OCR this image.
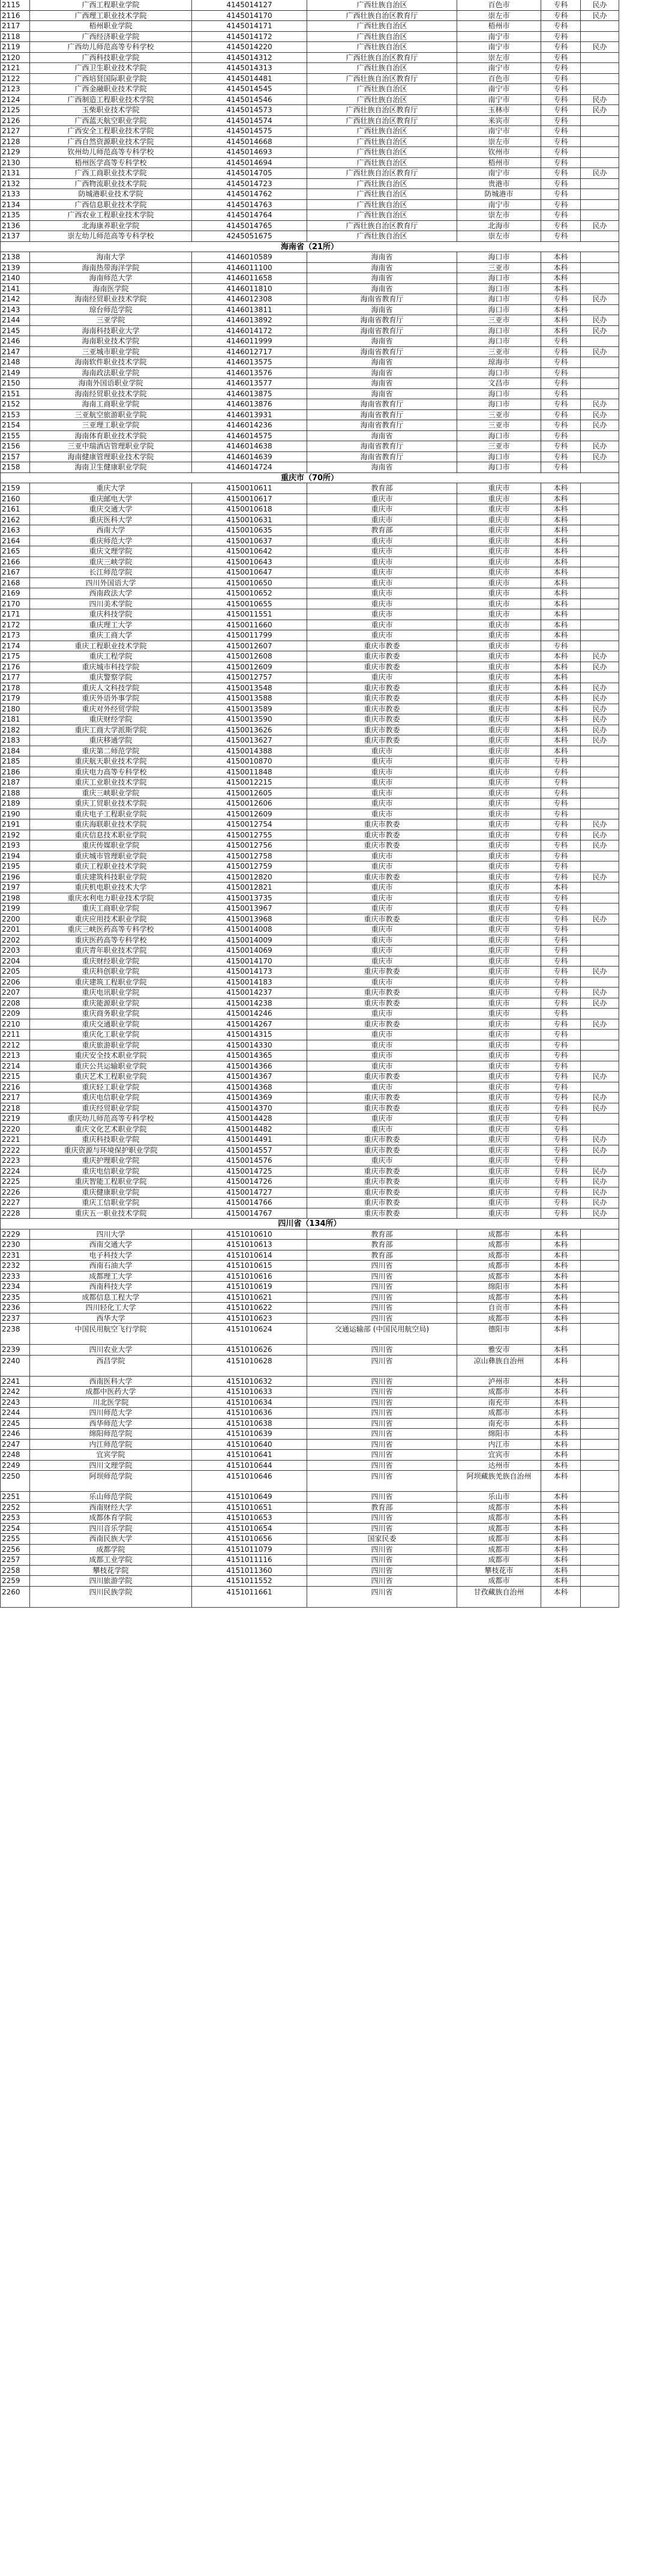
2115	广西工程职业学院	4145014127	广西壮族自治区	百色市	专科	民办
2116	广西理工职业技术学院	4145014170	广西壮族自治区教育厅	崇左市	专科	民办
2117	梧州职业学院	4145014171	广西壮族自治区	梧州市	专科
2118	广西经济职业学院	4145014172	广西壮族自治区	南宁市	专科
2119	广西幼儿师范高等专科学校	4145014220	广西壮族自治区	南宁市	专科	民办
2120	广西科技职业学院	4145014312	广西壮族自治区教育厅	崇左市	专科
2121	广西卫生职业技术学院	4145014313	广西壮族自治区	南宁市	专科
2122	广西培贤国际职业学院	4145014481	广西壮族自治区教育厅	百色市	专科
2123	广西金融职业技术学院	4145014545	广西壮族自治区	南宁市	专科
2124	广西制造工程职业技术学院	4145014546	广西壮族自治区	南宁市	专科	民办
2125	玉柴职业技术学院	4145014573	广西壮族自治区教育厅	玉林市	专科	民办
2126	广西蓝天航空职业学院	4145014574	广西壮族自治区教育厅	来宾市	专科
2127	广西安全工程职业技术学院	4145014575	广西壮族自治区	南宁市	专科
2128	广西自然资源职业技术学院	4145014668	广西壮族自治区	崇左市	专科
2129	钦州幼儿师范高等专科学校	4145014693	广西壮族自治区	钦州市	专科
2130	梧州医学高等专科学校	4145014694	广西壮族自治区	梧州市	专科
2131	广西工商职业技术学院	4145014705	广西壮族自治区教育厅	南宁市	专科	民办
2132	广西物流职业技术学院	4145014723	广西壮族自治区	贵港市	专科
2133	防城港职业技术学院	4145014762	广西壮族自治区	防城港市	专科
2134	广西信息职业技术学院	4145014763	广西壮族自治区	南宁市	专科
2135	广西农业工程职业技术学院	4145014764	广西壮族自治区	崇左市	专科
2136	北海康养职业学院	4145014765	广西壮族自治区教育厅	北海市	专科	民办
2137	崇左幼儿师范高等专科学校	4245051675	广西壮族自治区	崇左市	专科
海南省（21所）
2138	海南大学	4146010589	海南省	海口市	本科
2139	海南热带海洋学院	4146011100	海南省	三亚市	本科
2140	海南师范大学	4146011658	海南省	海口市	本科
2141	海南医学院	4146011810	海南省	海口市	本科
2142	海南经贸职业技术学院	4146012308	海南省教育厅	海口市	专科	民办
2143	琼台师范学院	4146013811	海南省	海口市	本科
2144	三亚学院	4146013892	海南省教育厅	三亚市	本科	民办
2145	海南科技职业大学	4146014172	海南省教育厅	海口市	本科	民办
2146	海南职业技术学院	4146011999	海南省	海口市	专科
2147	三亚城市职业学院	4146012717	海南省教育厅	三亚市	专科	民办
2148	海南软件职业技术学院	4146013575	海南省	琼海市	专科
2149	海南政法职业学院	4146013576	海南省	海口市	专科
2150	海南外国语职业学院	4146013577	海南省	文昌市	专科
2151	海南经贸职业技术学院	4146013875	海南省	海口市	专科
2152	海南工商职业学院	4146013876	海南省教育厅	海口市	专科	民办
2153	三亚航空旅游职业学院	4146013931	海南省教育厅	三亚市	专科	民办
2154	三亚理工职业学院	4146014236	海南省教育厅	三亚市	专科	民办
2155	海南体育职业技术学院	4146014575	海南省	海口市	专科
2156	三亚中瑞酒店管理职业学院	4146014638	海南省教育厅	三亚市	专科	民办
2157	海南健康管理职业技术学院	4146014639	海南省教育厅	海口市	专科	民办
2158	海南卫生健康职业学院	4146014724	海南省	海口市	专科
重庆市（70所）
2159	重庆大学	4150010611	教育部	重庆市	本科
2160	重庆邮电大学	4150010617	重庆市	重庆市	本科
2161	重庆交通大学	4150010618	重庆市	重庆市	本科
2162	重庆医科大学	4150010631	重庆市	重庆市	本科
2163	西南大学	4150010635	教育部	重庆市	本科
2164	重庆师范大学	4150010637	重庆市	重庆市	本科
2165	重庆文理学院	4150010642	重庆市	重庆市	本科
2166	重庆三峡学院	4150010643	重庆市	重庆市	本科
2167	长江师范学院	4150010647	重庆市	重庆市	本科
2168	四川外国语大学	4150010650	重庆市	重庆市	本科
2169	西南政法大学	4150010652	重庆市	重庆市	本科
2170	四川美术学院	4150010655	重庆市	重庆市	本科
2171	重庆科技学院	4150011551	重庆市	重庆市	本科
2172	重庆理工大学	4150011660	重庆市	重庆市	本科
2173	重庆工商大学	4150011799	重庆市	重庆市	本科
2174	重庆工程职业技术学院	4150012607	重庆市教委	重庆市	专科
2175	重庆工程学院	4150012608	重庆市教委	重庆市	本科	民办
2176	重庆城市科技学院	4150012609	重庆市教委	重庆市	本科	民办
2177	重庆警察学院	4150012757	重庆市	重庆市	本科
2178	重庆人文科技学院	4150013548	重庆市教委	重庆市	本科	民办
2179	重庆外语外事学院	4150013588	重庆市教委	重庆市	本科	民办
2180	重庆对外经贸学院	4150013589	重庆市教委	重庆市	本科	民办
2181	重庆财经学院	4150013590	重庆市教委	重庆市	本科	民办
2182	重庆工商大学派斯学院	4150013626	重庆市教委	重庆市	本科	民办
2183	重庆移通学院	4150013627	重庆市教委	重庆市	本科	民办
2184	重庆第二师范学院	4150014388	重庆市	重庆市	本科
2185	重庆航天职业技术学院	4150010870	重庆市	重庆市	专科
2186	重庆电力高等专科学校	4150011848	重庆市	重庆市	专科
2187	重庆工业职业技术学院	4150012215	重庆市	重庆市	专科
2188	重庆三峡职业学院	4150012605	重庆市	重庆市	专科
2189	重庆工贸职业技术学院	4150012606	重庆市	重庆市	专科
2190	重庆电子工程职业学院	4150012609	重庆市	重庆市	专科
2191	重庆海联职业技术学院	4150012754	重庆市教委	重庆市	专科	民办
2192	重庆信息技术职业学院	4150012755	重庆市教委	重庆市	专科	民办
2193	重庆传媒职业学院	4150012756	重庆市教委	重庆市	专科	民办
2194	重庆城市管理职业学院	4150012758	重庆市	重庆市	专科
2195	重庆工程职业技术学院	4150012759	重庆市	重庆市	专科
2196	重庆建筑科技职业学院	4150012820	重庆市教委	重庆市	专科	民办
2197	重庆机电职业技术大学	4150012821	重庆市	重庆市	本科
2198	重庆水利电力职业技术学院	4150013735	重庆市	重庆市	专科
2199	重庆工商职业学院	4150013967	重庆市	重庆市	专科
2200	重庆应用技术职业学院	4150013968	重庆市教委	重庆市	专科	民办
2201	重庆三峡医药高等专科学校	4150014008	重庆市	重庆市	专科
2202	重庆医药高等专科学校	4150014009	重庆市	重庆市	专科
2203	重庆青年职业技术学院	4150014069	重庆市	重庆市	专科
2204	重庆财经职业学院	4150014170	重庆市	重庆市	专科
2205	重庆科创职业学院	4150014173	重庆市教委	重庆市	专科	民办
2206	重庆建筑工程职业学院	4150014183	重庆市	重庆市	专科
2207	重庆电讯职业学院	4150014237	重庆市教委	重庆市	专科	民办
2208	重庆能源职业学院	4150014238	重庆市教委	重庆市	专科	民办
2209	重庆商务职业学院	4150014246	重庆市	重庆市	专科
2210	重庆交通职业学院	4150014267	重庆市教委	重庆市	专科	民办
2211	重庆化工职业学院	4150014315	重庆市	重庆市	专科
2212	重庆旅游职业学院	4150014330	重庆市	重庆市	专科
2213	重庆安全技术职业学院	4150014365	重庆市	重庆市	专科
2214	重庆公共运输职业学院	4150014366	重庆市	重庆市	专科
2215	重庆艺术工程职业学院	4150014367	重庆市教委	重庆市	专科	民办
2216	重庆轻工职业学院	4150014368	重庆市	重庆市	专科
2217	重庆电信职业学院	4150014369	重庆市教委	重庆市	专科	民办
2218	重庆经贸职业学院	4150014370	重庆市教委	重庆市	专科	民办
2219	重庆幼儿师范高等专科学校	4150014428	重庆市	重庆市	专科
2220	重庆文化艺术职业学院	4150014482	重庆市	重庆市	专科
2221	重庆科技职业学院	4150014491	重庆市教委	重庆市	专科	民办
2222	重庆资源与环境保护职业学院	4150014557	重庆市教委	重庆市	专科	民办
2223	重庆护理职业学院	4150014576	重庆市	重庆市	专科
2224	重庆电信职业学院	4150014725	重庆市教委	重庆市	专科	民办
2225	重庆智能工程职业学院	4150014726	重庆市教委	重庆市	专科	民办
2226	重庆健康职业学院	4150014727	重庆市教委	重庆市	专科	民办
2227	重庆工信职业学院	4150014766	重庆市教委	重庆市	专科	民办
2228	重庆五一职业技术学院	4150014767	重庆市教委	重庆市	专科	民办
四川省（134所）
2229	四川大学	4151010610	教育部	成都市	本科
2230	西南交通大学	4151010613	教育部	成都市	本科
2231	电子科技大学	4151010614	教育部	成都市	本科
2232	西南石油大学	4151010615	四川省	成都市	本科
2233	成都理工大学	4151010616	四川省	成都市	本科
2234	西南科技大学	4151010619	四川省	绵阳市	本科
2235	成都信息工程大学	4151010621	四川省	成都市	本科
2236	四川轻化工大学	4151010622	四川省	自贡市	本科
2237	西华大学	4151010623	四川省	成都市	本科
2238	中国民用航空飞行学院	4151010624	交通运输部 (中国民用航空局)	德阳市	本科
2239	四川农业大学	4151010626	四川省	雅安市	本科
2240	西昌学院	4151010628	四川省	凉山彝族自治州	本科
2241	西南医科大学	4151010632	四川省	泸州市	本科
2242	成都中医药大学	4151010633	四川省	成都市	本科
2243	川北医学院	4151010634	四川省	南充市	本科
2244	四川师范大学	4151010636	四川省	成都市	本科
2245	西华师范大学	4151010638	四川省	南充市	本科
2246	绵阳师范学院	4151010639	四川省	绵阳市	本科
2247	内江师范学院	4151010640	四川省	内江市	本科
2248	宜宾学院	4151010641	四川省	宜宾市	本科
2249	四川文理学院	4151010644	四川省	达州市	本科
2250	阿坝师范学院	4151010646	四川省	阿坝藏族羌族自治州	本科
2251	乐山师范学院	4151010649	四川省	乐山市	本科
2252	西南财经大学	4151010651	教育部	成都市	本科
2253	成都体育学院	4151010653	四川省	成都市	本科
2254	四川音乐学院	4151010654	四川省	成都市	本科
2255	西南民族大学	4151010656	国家民委	成都市	本科
2256	成都学院	4151011079	四川省	成都市	本科
2257	成都工业学院	4151011116	四川省	成都市	本科
2258	攀枝花学院	4151011360	四川省	攀枝花市	本科
2259	四川旅游学院	4151011552	四川省	成都市	本科
2260	四川民族学院	4151011661	四川省	甘孜藏族自治州	本科
